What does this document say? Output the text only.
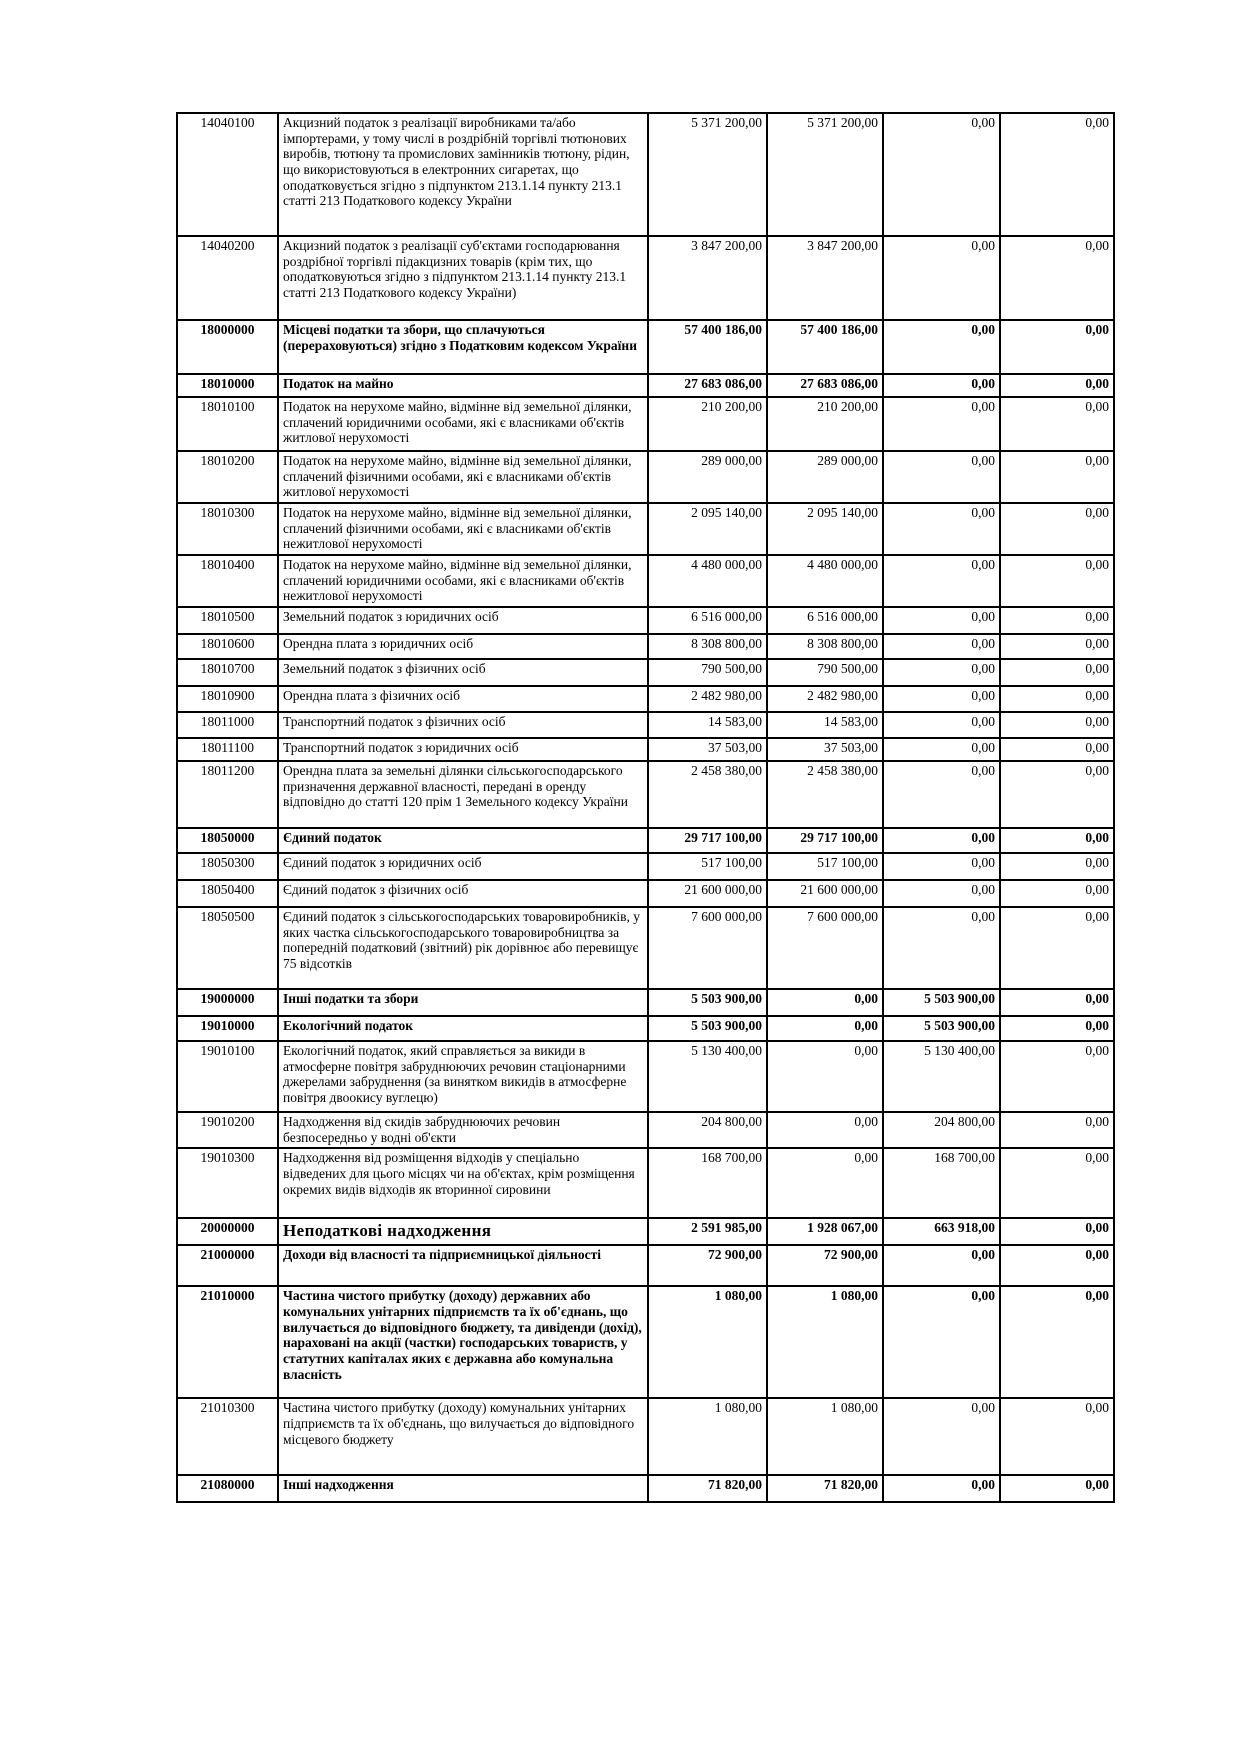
14040100	Акцизний податок з реалізації виробниками та/або імпортерами, у тому числі в роздрібній торгівлі тютюнових виробів, тютюну та промислових замінників тютюну, рідин, що використовуються в електронних сигаретах, що оподатковується згідно з підпунктом 213.1.14 пункту 213.1 статті 213 Податкового кодексу України	5 371 200,00	5 371 200,00	0,00	0,00
14040200	Акцизний податок з реалізації суб'єктами господарювання роздрібної торгівлі підакцизних товарів (крім тих, що оподатковуються згідно з підпунктом 213.1.14 пункту 213.1 статті 213 Податкового кодексу України)	3 847 200,00	3 847 200,00	0,00	0,00
18000000	Місцеві податки та збори, що сплачуються (перераховуються) згідно з Податковим кодексом України	57 400 186,00	57 400 186,00	0,00	0,00
18010000	Податок на майно	27 683 086,00	27 683 086,00	0,00	0,00
18010100	Податок на нерухоме майно, відмінне від земельної ділянки, сплачений юридичними особами, які є власниками об'єктів житлової нерухомості	210 200,00	210 200,00	0,00	0,00
18010200	Податок на нерухоме майно, відмінне від земельної ділянки, сплачений фізичними особами, які є власниками об'єктів житлової нерухомості	289 000,00	289 000,00	0,00	0,00
18010300	Податок на нерухоме майно, відмінне від земельної ділянки, сплачений фізичними особами, які є власниками об'єктів нежитлової нерухомості	2 095 140,00	2 095 140,00	0,00	0,00
18010400	Податок на нерухоме майно, відмінне від земельної ділянки, сплачений юридичними особами, які є власниками об'єктів нежитлової нерухомості	4 480 000,00	4 480 000,00	0,00	0,00
18010500	Земельний податок з юридичних осіб	6 516 000,00	6 516 000,00	0,00	0,00
18010600	Орендна плата з юридичних осіб	8 308 800,00	8 308 800,00	0,00	0,00
18010700	Земельний податок з фізичних осіб	790 500,00	790 500,00	0,00	0,00
18010900	Орендна плата з фізичних осіб	2 482 980,00	2 482 980,00	0,00	0,00
18011000	Транспортний податок з фізичних осіб	14 583,00	14 583,00	0,00	0,00
18011100	Транспортний податок з юридичних осіб	37 503,00	37 503,00	0,00	0,00
18011200	Орендна плата за земельні ділянки сільськогосподарського призначення державної власності, передані в оренду відповідно до статті 120 прім 1 Земельного кодексу України	2 458 380,00	2 458 380,00	0,00	0,00
18050000	Єдиний податок	29 717 100,00	29 717 100,00	0,00	0,00
18050300	Єдиний податок з юридичних осіб	517 100,00	517 100,00	0,00	0,00
18050400	Єдиний податок з фізичних осіб	21 600 000,00	21 600 000,00	0,00	0,00
18050500	Єдиний податок з сільськогосподарських товаровиробників, у яких частка сільськогосподарського товаровиробництва за попередній податковий (звітний) рік дорівнює або перевищує 75 відсотків	7 600 000,00	7 600 000,00	0,00	0,00
19000000	Інші податки та збори	5 503 900,00	0,00	5 503 900,00	0,00
19010000	Екологічний податок	5 503 900,00	0,00	5 503 900,00	0,00
19010100	Екологічний податок, який справляється за викиди в атмосферне повітря забруднюючих речовин стаціонарними джерелами забруднення (за винятком викидів в атмосферне повітря двоокису вуглецю)	5 130 400,00	0,00	5 130 400,00	0,00
19010200	Надходження від скидів забруднюючих речовин безпосередньо у водні об'єкти	204 800,00	0,00	204 800,00	0,00
19010300	Надходження від розміщення відходів у спеціально відведених для цього місцях чи на об'єктах, крім розміщення окремих видів відходів як вторинної сировини	168 700,00	0,00	168 700,00	0,00
20000000	Неподаткові надходження	2 591 985,00	1 928 067,00	663 918,00	0,00
21000000	Доходи від власності та підприємницької діяльності	72 900,00	72 900,00	0,00	0,00
21010000	Частина чистого прибутку (доходу) державних або комунальних унітарних підприємств та їх об'єднань, що вилучається до відповідного бюджету, та дивіденди (дохід), нараховані на акції (частки) господарських товариств, у статутних капіталах яких є державна або комунальна власність	1 080,00	1 080,00	0,00	0,00
21010300	Частина чистого прибутку (доходу) комунальних унітарних підприємств та їх об'єднань, що вилучається до відповідного місцевого бюджету	1 080,00	1 080,00	0,00	0,00
21080000	Інші надходження	71 820,00	71 820,00	0,00	0,00
